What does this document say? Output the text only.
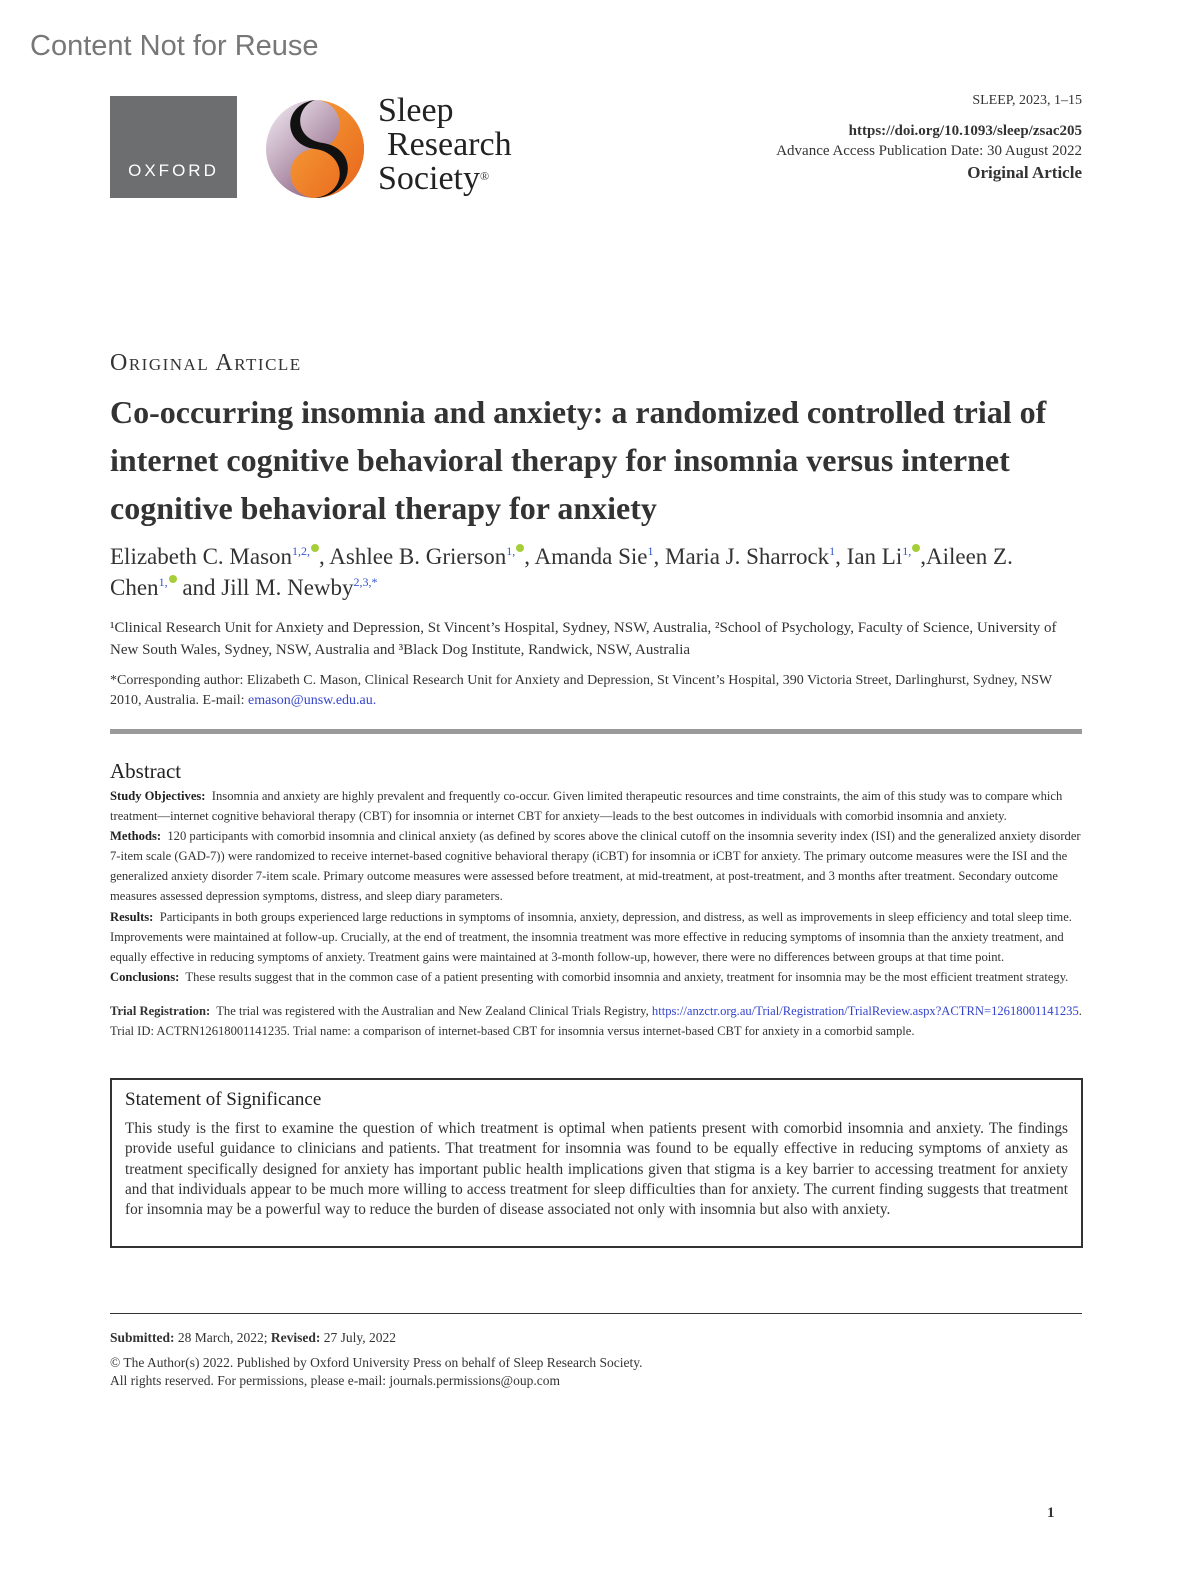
Content Not for Reuse
OXFORD
Sleep
Research
Society®
SLEEP, 2023, 1–15
https://doi.org/10.1093/sleep/zsac205
Advance Access Publication Date: 30 August 2022
Original Article
Original Article
Co-occurring insomnia and anxiety: a randomized controlled trial of internet cognitive behavioral therapy for insomnia versus internet cognitive behavioral therapy for anxiety
Elizabeth C. Mason$^{1,2,}$ , Ashlee B. Grierson$^{1,}$ , Amanda Sie$^1$, Maria J. Sharrock$^1$, Ian $Li^{1,}$ ,Aileen Z. Chen$^{1,}$ and Jill M. Newby$^{2,3,*}$
¹Clinical Research Unit for Anxiety and Depression, St Vincent’s Hospital, Sydney, NSW, Australia, ²School of Psychology, Faculty of Science, University of New South Wales, Sydney, NSW, Australia and ³Black Dog Institute, Randwick, NSW, Australia
*Corresponding author: Elizabeth C. Mason, Clinical Research Unit for Anxiety and Depression, St Vincent’s Hospital, 390 Victoria Street, Darlinghurst, Sydney, NSW 2010, Australia. E-mail: emason@unsw.edu.au.
Abstract

Study Objectives: Insomnia and anxiety are highly prevalent and frequently co-occur. Given limited therapeutic resources and time constraints, the aim of this study was to compare which treatment—internet cognitive behavioral therapy (CBT) for insomnia or internet CBT for anxiety—leads to the best outcomes in individuals with comorbid insomnia and anxiety.

Methods: 120 participants with comorbid insomnia and clinical anxiety (as defined by scores above the clinical cutoff on the insomnia severity index (ISI) and the generalized anxiety disorder 7-item scale (GAD-7)) were randomized to receive internet-based cognitive behavioral therapy (iCBT) for insomnia or iCBT for anxiety. The primary outcome measures were the ISI and the generalized anxiety disorder 7-item scale. Primary outcome measures were assessed before treatment, at mid-treatment, at post-treatment, and 3 months after treatment. Secondary outcome measures assessed depression symptoms, distress, and sleep diary parameters.

Results: Participants in both groups experienced large reductions in symptoms of insomnia, anxiety, depression, and distress, as well as improvements in sleep efficiency and total sleep time. Improvements were maintained at follow-up. Crucially, at the end of treatment, the insomnia treatment was more effective in reducing symptoms of insomnia than the anxiety treatment, and equally effective in reducing symptoms of anxiety. Treatment gains were maintained at 3-month follow-up, however, there were no differences between groups at that time point.

Conclusions: These results suggest that in the common case of a patient presenting with comorbid insomnia and anxiety, treatment for insomnia may be the most efficient treatment strategy.

Trial Registration: The trial was registered with the Australian and New Zealand Clinical Trials Registry, https://anzctr.org.au/Trial/Registration/TrialReview.aspx?ACTRN=12618001141235. Trial ID: ACTRN12618001141235. Trial name: a comparison of internet-based CBT for insomnia versus internet-based CBT for anxiety in a comorbid sample.
Statement of Significance
This study is the first to examine the question of which treatment is optimal when patients present with comorbid insomnia and anxiety. The findings provide useful guidance to clinicians and patients. That treatment for insomnia was found to be equally effective in reducing symptoms of anxiety as treatment specifically designed for anxiety has important public health implications given that stigma is a key barrier to accessing treatment for anxiety and that individuals appear to be much more willing to access treatment for sleep difficulties than for anxiety. The current finding suggests that treatment for insomnia may be a powerful way to reduce the burden of disease associated not only with insomnia but also with anxiety.
Submitted: 28 March, 2022; Revised: 27 July, 2022
© The Author(s) 2022. Published by Oxford University Press on behalf of Sleep Research Society.
All rights reserved. For permissions, please e-mail: journals.permissions@oup.com
1
